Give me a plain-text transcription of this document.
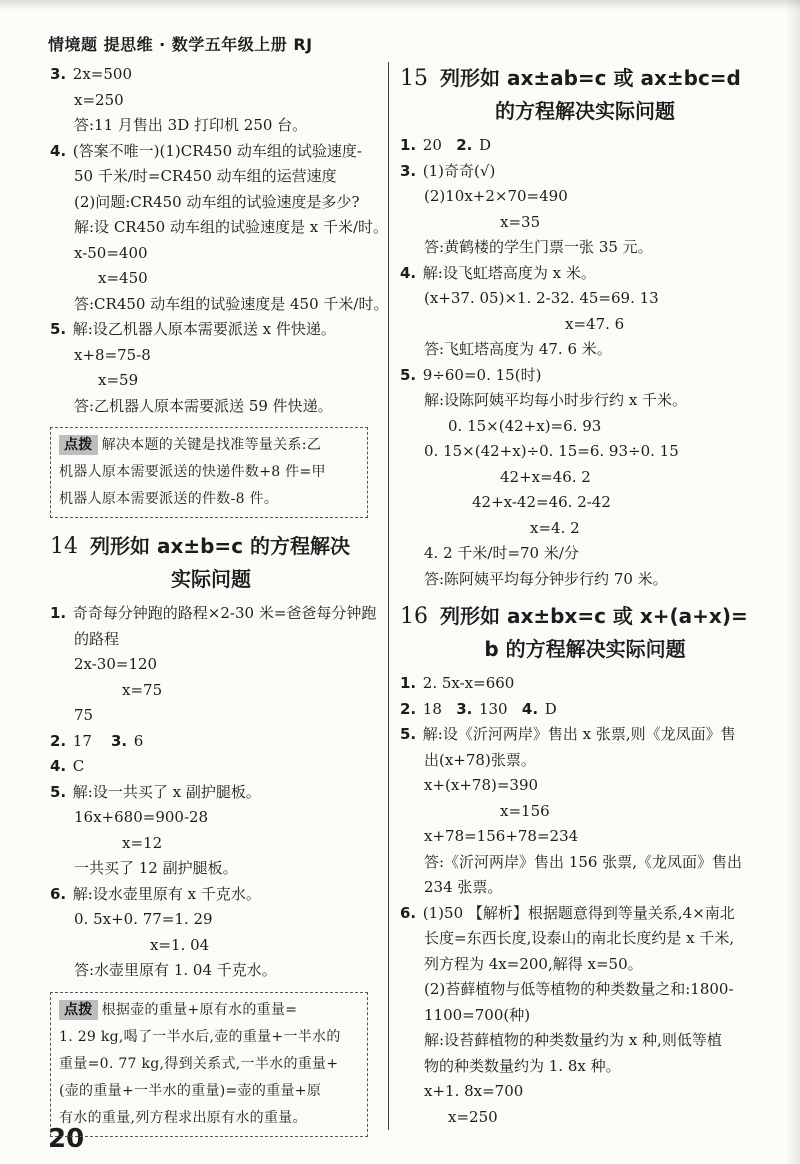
情境题 提思维 · 数学五年级上册 RJ
20
3. 2x=500
x=250
答:11 月售出 3D 打印机 250 台。
4. (答案不唯一)(1)CR450 动车组的试验速度-
50 千米/时=CR450 动车组的运营速度
(2)问题:CR450 动车组的试验速度是多少?
解:设 CR450 动车组的试验速度是 x 千米/时。
x-50=400
x=450
答:CR450 动车组的试验速度是 450 千米/时。
5. 解:设乙机器人原本需要派送 x 件快递。
x+8=75-8
x=59
答:乙机器人原本需要派送 59 件快递。
点拨 解决本题的关键是找准等量关系:乙
机器人原本需要派送的快递件数+8 件=甲
机器人原本需要派送的件数-8 件。
14 列形如 ax±b=c 的方程解决
实际问题
1. 奇奇每分钟跑的路程×2-30 米=爸爸每分钟跑
的路程
2x-30=120
x=75
75
2. 17 3. 6
4. C
5. 解:设一共买了 x 副护腿板。
16x+680=900-28
x=12
一共买了 12 副护腿板。
6. 解:设水壶里原有 x 千克水。
0. 5x+0. 77=1. 29
x=1. 04
答:水壶里原有 1. 04 千克水。
点拨 根据壶的重量+原有水的重量=
1. 29 kg,喝了一半水后,壶的重量+一半水的
重量=0. 77 kg,得到关系式,一半水的重量+
(壶的重量+一半水的重量)=壶的重量+原
有水的重量,列方程求出原有水的重量。
15 列形如 ax±ab=c 或 ax±bc=d
的方程解决实际问题
1. 20 2. D
3. (1)奇奇(√)
(2)10x+2×70=490
x=35
答:黄鹤楼的学生门票一张 35 元。
4. 解:设飞虹塔高度为 x 米。
(x+37. 05)×1. 2-32. 45=69. 13
x=47. 6
答:飞虹塔高度为 47. 6 米。
5. 9÷60=0. 15(时)
解:设陈阿姨平均每小时步行约 x 千米。
0. 15×(42+x)=6. 93
0. 15×(42+x)÷0. 15=6. 93÷0. 15
42+x=46. 2
42+x-42=46. 2-42
x=4. 2
4. 2 千米/时=70 米/分
答:陈阿姨平均每分钟步行约 70 米。
16 列形如 ax±bx=c 或 x+(a+x)=
b 的方程解决实际问题
1. 2. 5x-x=660
2. 18 3. 130 4. D
5. 解:设《沂河两岸》售出 x 张票,则《龙凤面》售
出(x+78)张票。
x+(x+78)=390
x=156
x+78=156+78=234
答:《沂河两岸》售出 156 张票,《龙凤面》售出
234 张票。
6. (1)50 【解析】根据题意得到等量关系,4×南北
长度=东西长度,设泰山的南北长度约是 x 千米,
列方程为 4x=200,解得 x=50。
(2)苔藓植物与低等植物的种类数量之和:1800-
1100=700(种)
解:设苔藓植物的种类数量约为 x 种,则低等植
物的种类数量约为 1. 8x 种。
x+1. 8x=700
x=250
